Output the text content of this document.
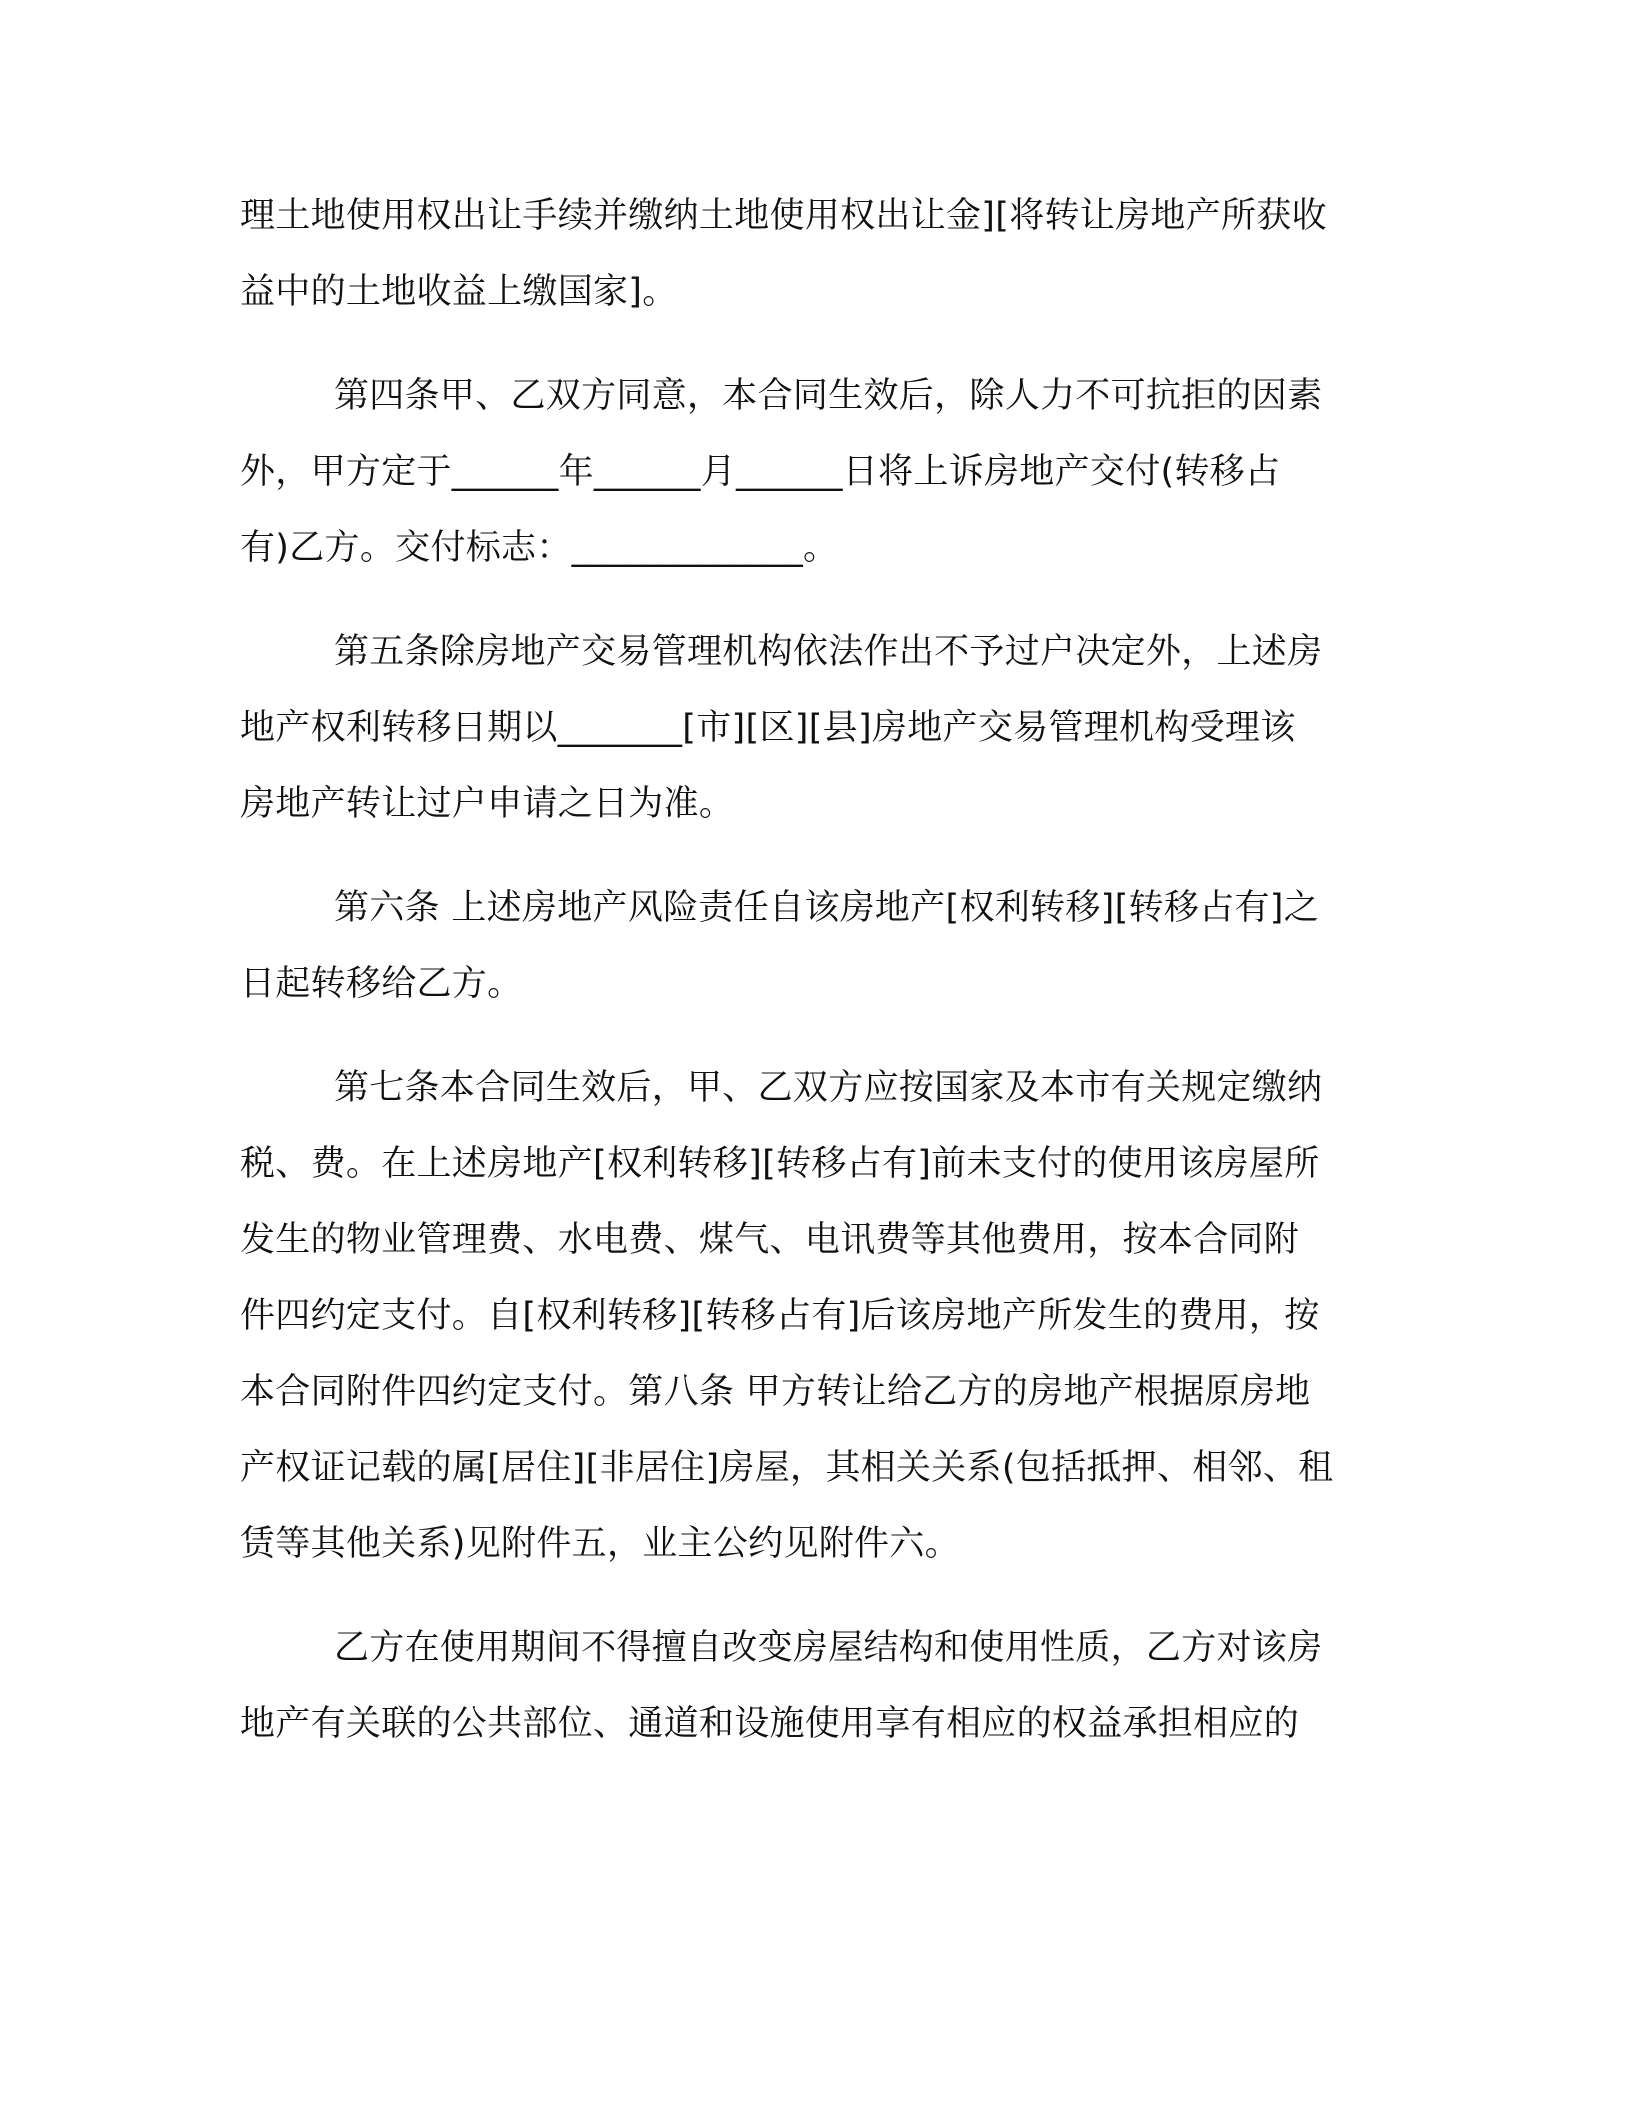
理土地使用权出让手续并缴纳土地使用权出让金][将转让房地产所获收
益中的土地收益上缴国家]。
第四条甲、乙双方同意，本合同生效后，除人力不可抗拒的因素
外，甲方定于______年______月______日将上诉房地产交付(转移占
有)乙方。交付标志：_____________。
第五条除房地产交易管理机构依法作出不予过户决定外，上述房
地产权利转移日期以_______[市][区][县]房地产交易管理机构受理该
房地产转让过户申请之日为准。
第六条 上述房地产风险责任自该房地产[权利转移][转移占有]之
日起转移给乙方。
第七条本合同生效后，甲、乙双方应按国家及本市有关规定缴纳
税、费。在上述房地产[权利转移][转移占有]前未支付的使用该房屋所
发生的物业管理费、水电费、煤气、电讯费等其他费用，按本合同附
件四约定支付。自[权利转移][转移占有]后该房地产所发生的费用，按
本合同附件四约定支付。第八条 甲方转让给乙方的房地产根据原房地
产权证记载的属[居住][非居住]房屋，其相关关系(包括抵押、相邻、租
赁等其他关系)见附件五，业主公约见附件六。
乙方在使用期间不得擅自改变房屋结构和使用性质，乙方对该房
地产有关联的公共部位、通道和设施使用享有相应的权益承担相应的
